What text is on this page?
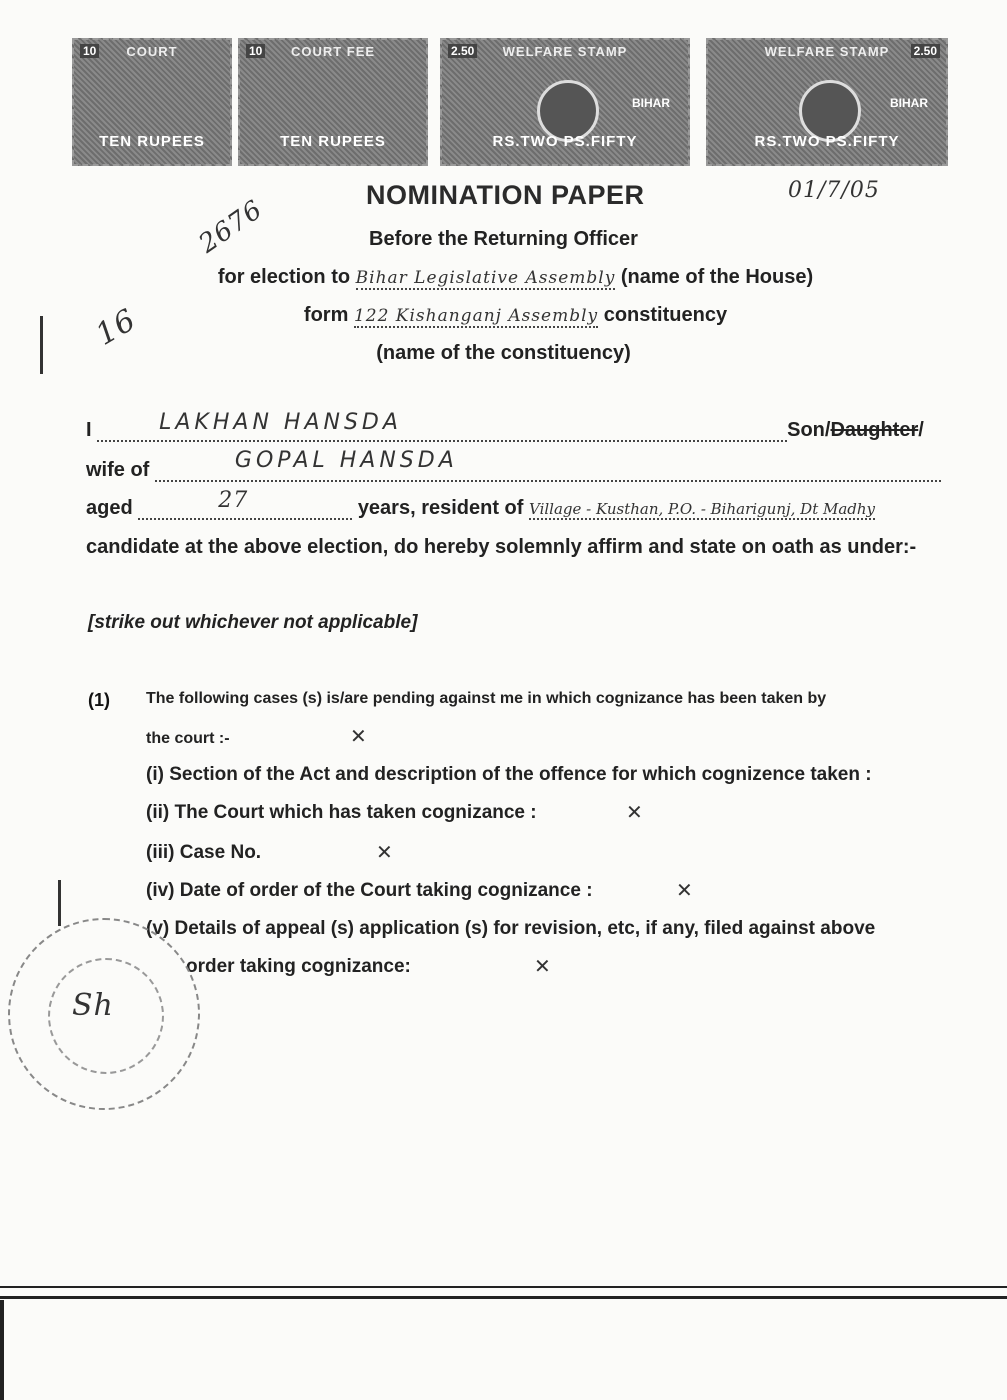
10	COURT
TEN RUPEES
10	COURT FEE
TEN RUPEES
2.50	WELFARE STAMP
BIHAR
RS.TWO PS.FIFTY
2.50
WELFARE STAMP
BIHAR
RS.TWO PS.FIFTY
01/7/05
2676
16
NOMINATION PAPER
Before the Returning Officer
for election to Bihar Legislative Assembly (name of the House)
form 122 Kishanganj Assembly constituency
(name of the constituency)
I	LAKHAN HANSDA	Son/Daughter/
wife of	GOPAL HANSDA
aged	27	years, resident of Village - Kusthan, P.O. - Biharigunj, Dt Madhy
candidate at the above election, do hereby solemnly affirm and state on oath as under:-
[strike out whichever not applicable]
(1) The following cases (s) is/are pending against me in which cognizance has been taken by
the court :-	✕
(i) Section of the Act and description of the offence for which cognizence taken :
(ii) The Court which has taken cognizance :	✕
(iii) Case No.	✕
(iv) Date of order of the Court taking cognizance :	✕
(v) Details of appeal (s) application (s) for revision, etc, if any, filed against above
order taking cognizance:	✕
Sh
